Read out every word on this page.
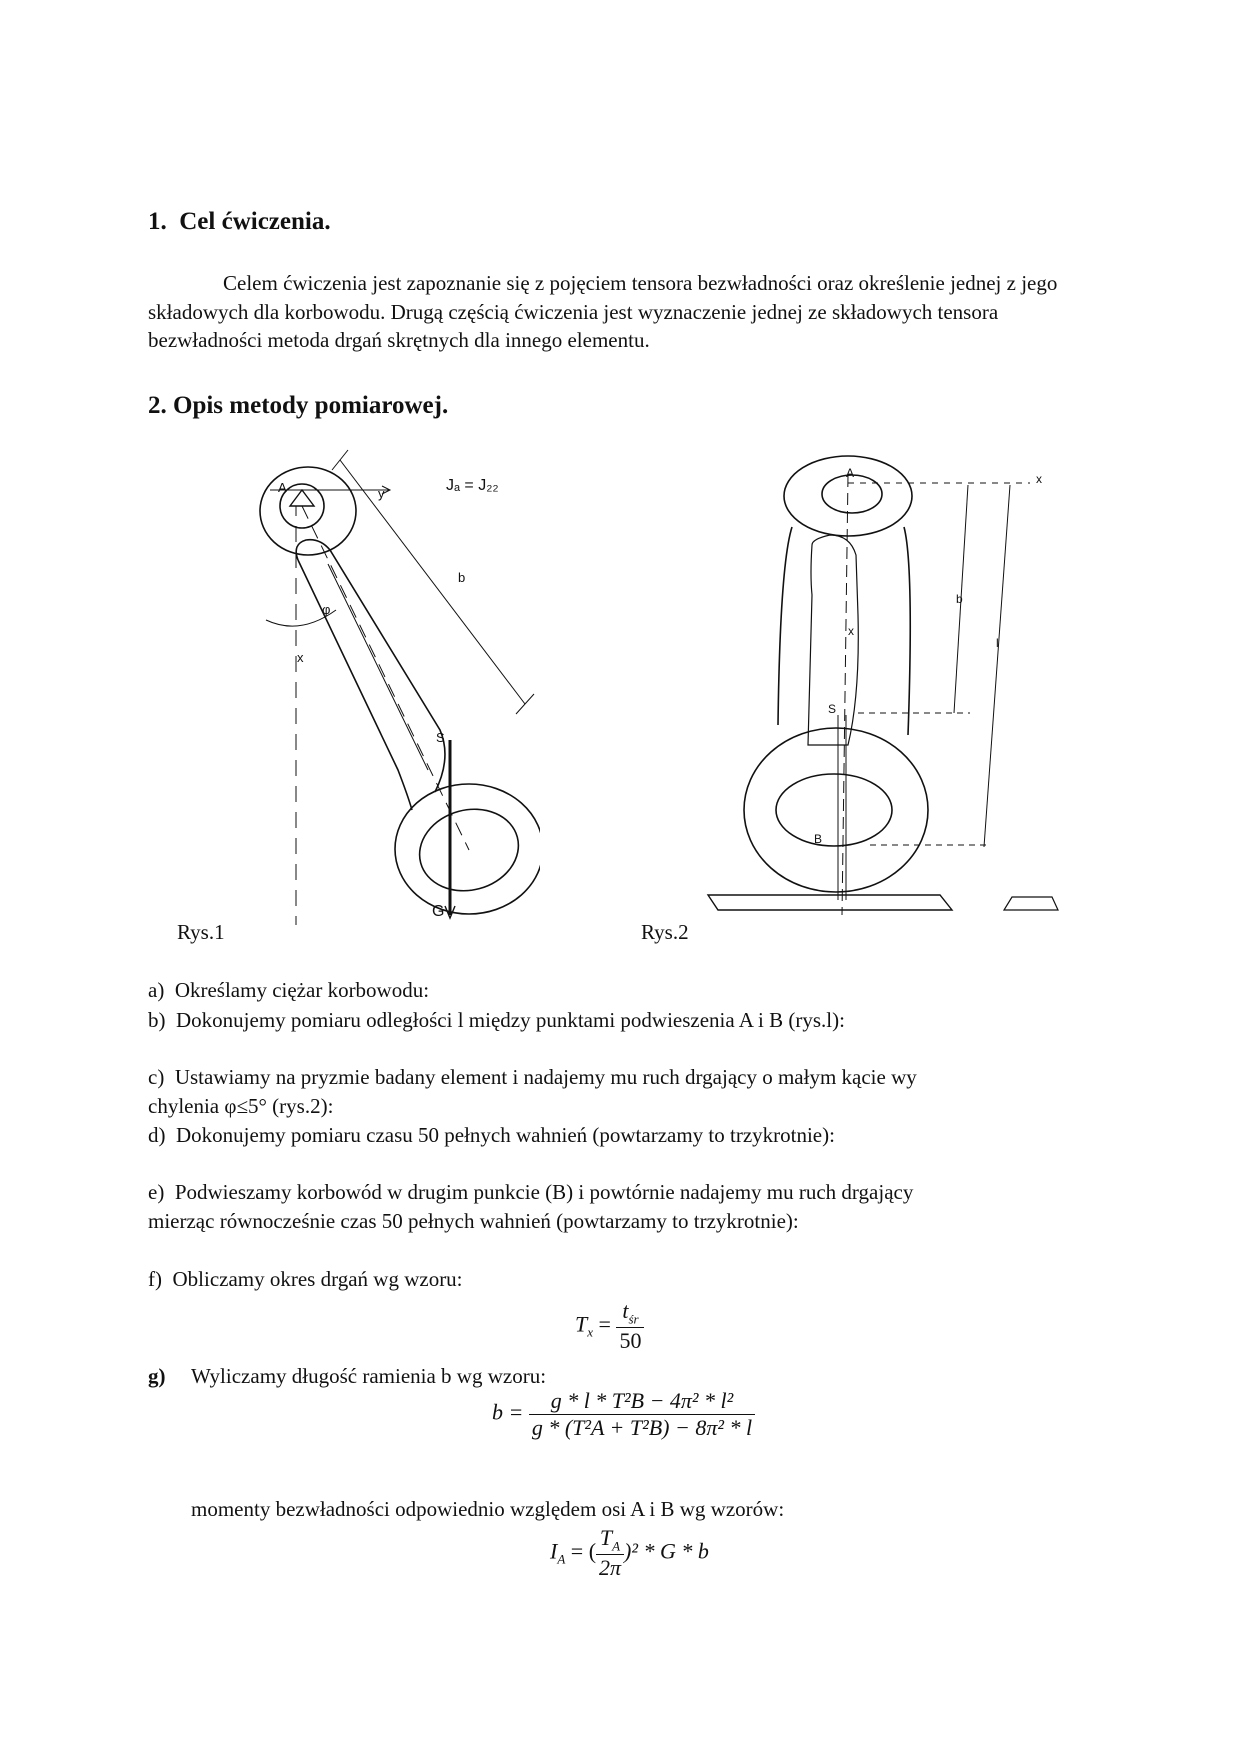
1.  Cel ćwiczenia.
Celem ćwiczenia jest zapoznanie się z pojęciem tensora bezwładności oraz określenie jednej z jego składowych dla korbowodu. Drugą częścią ćwiczenia jest wyznaczenie jednej ze składowych tensora bezwładności metoda drgań skrętnych dla innego elementu.
2. Opis metody pomiarowej.
A	y	Jₐ = J₂₂
b
φ
x
S
G
Rys.1
A	x
b
l
x
S
B
Rys.2
a)  Określamy ciężar korbowodu:
b)  Dokonujemy pomiaru odległości l między punktami podwieszenia A i B (rys.l):
c)  Ustawiamy na pryzmie badany element i nadajemy mu ruch drgający o małym kącie wy chylenia φ≤5° (rys.2):
d)  Dokonujemy pomiaru czasu 50 pełnych wahnień (powtarzamy to trzykrotnie):
e)  Podwieszamy korbowód w drugim punkcie (B) i powtórnie nadajemy mu ruch drgający mierząc równocześnie czas 50 pełnych wahnień (powtarzamy to trzykrotnie):
f)  Obliczamy okres drgań wg wzoru:
$T_x = \frac{t_{śr}}{50}$
g)	Wyliczamy długość ramienia b wg wzoru:
$b = \frac{\text{g * l * T²B − 4π² * l²}}{\text{g * (T²A + T²B) − 8π² * l}}$
momenty bezwładności odpowiednio względem osi A i B wg wzorów:
$I_A$ = ( $\frac{T_A}{2\pi} )^2$ * G * b
